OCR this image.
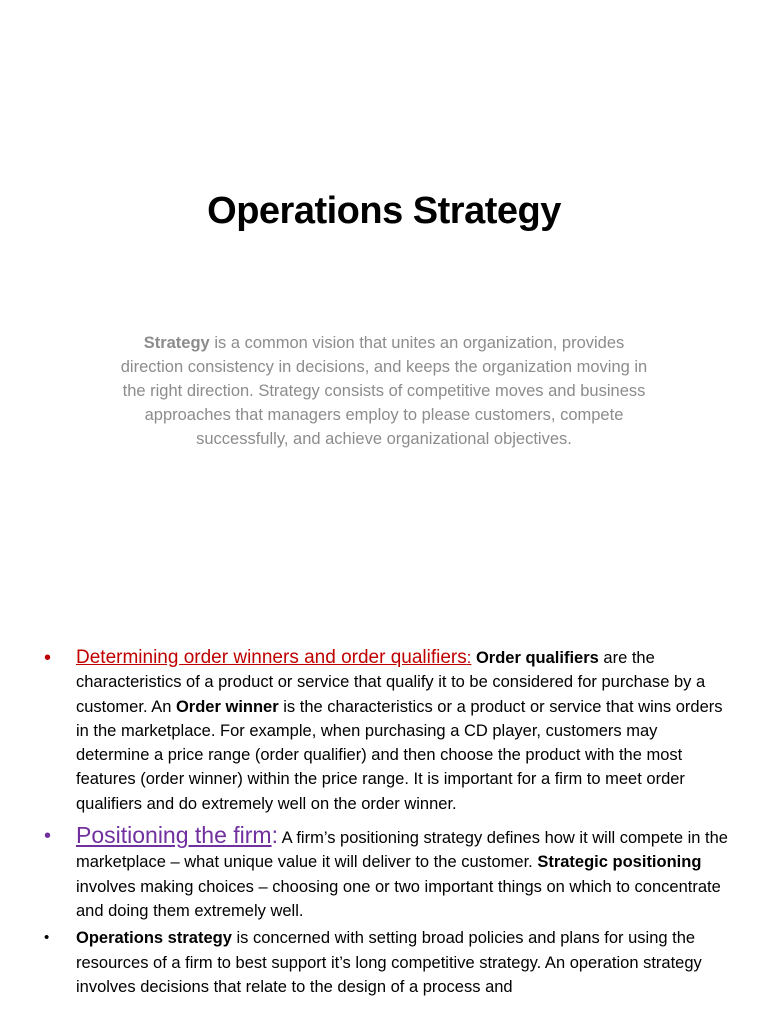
Operations Strategy

Strategy is a common vision that unites an organization, provides direction consistency in decisions, and keeps the organization moving in the right direction. Strategy consists of competitive moves and business approaches that managers employ to please customers, compete successfully, and achieve organizational objectives.

• Determining order winners and order qualifiers: Order qualifiers are the characteristics of a product or service that qualify it to be considered for purchase by a customer. An Order winner is the characteristics or a product or service that wins orders in the marketplace. For example, when purchasing a CD player, customers may determine a price range (order qualifier) and then choose the product with the most features (order winner) within the price range. It is important for a firm to meet order qualifiers and do extremely well on the order winner.

• Positioning the firm: A firm’s positioning strategy defines how it will compete in the marketplace – what unique value it will deliver to the customer. Strategic positioning involves making choices – choosing one or two important things on which to concentrate and doing them extremely well.

• Operations strategy is concerned with setting broad policies and plans for using the resources of a firm to best support it’s long competitive strategy. An operation strategy involves decisions that relate to the design of a process and
